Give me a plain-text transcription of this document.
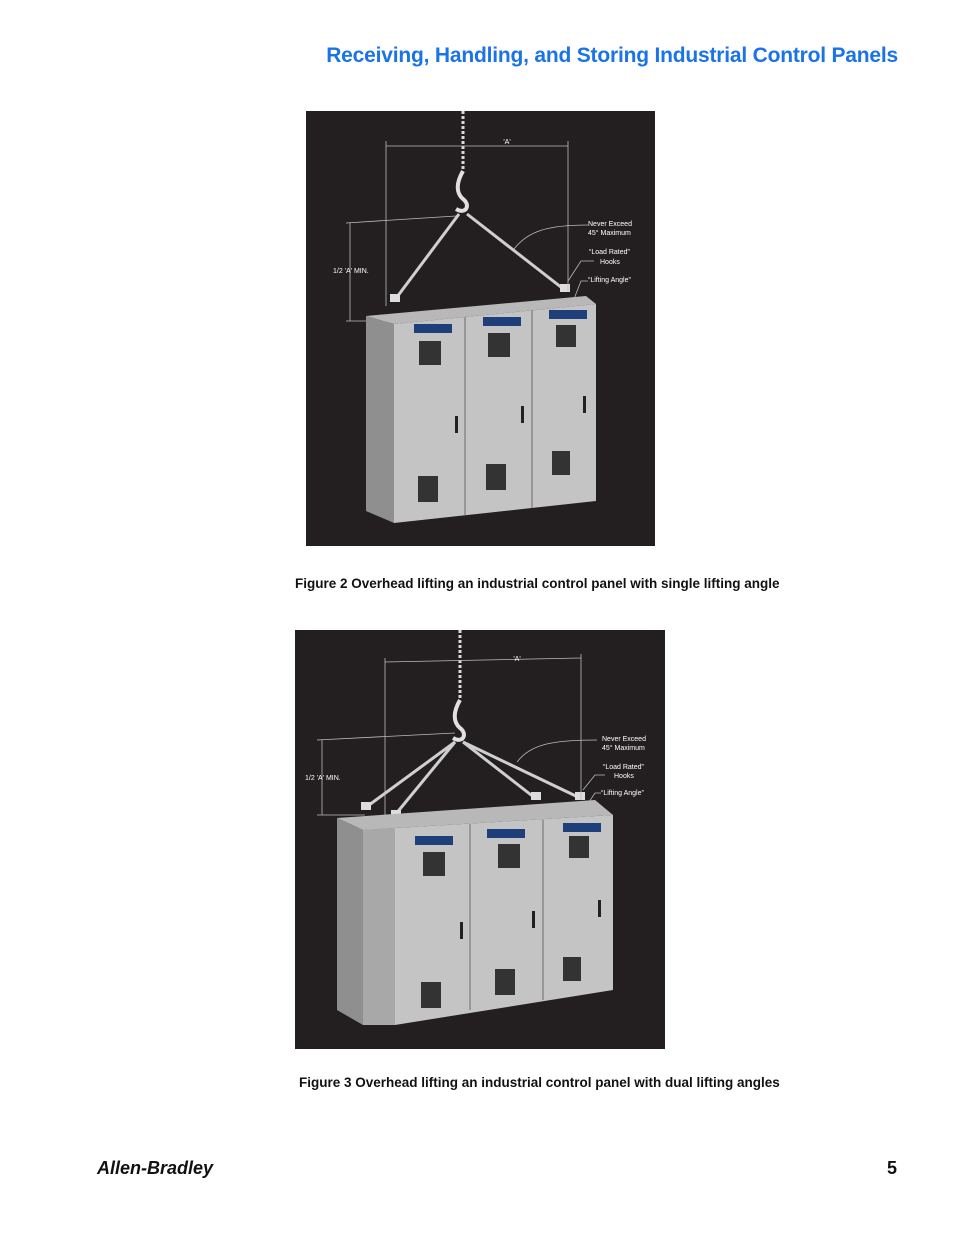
Receiving, Handling, and Storing Industrial Control Panels
'A'
1/2 'A' MIN.
Never Exceed
45° Maximum
“Load Rated”
Hooks
“Lifting Angle”
Figure 2 Overhead lifting an industrial control panel with single lifting angle
'A'
1/2 'A' MIN.
Never Exceed
45° Maximum
“Load Rated”
Hooks
“Lifting Angle”
Figure 3 Overhead lifting an industrial control panel with dual lifting angles
Allen-Bradley	5
